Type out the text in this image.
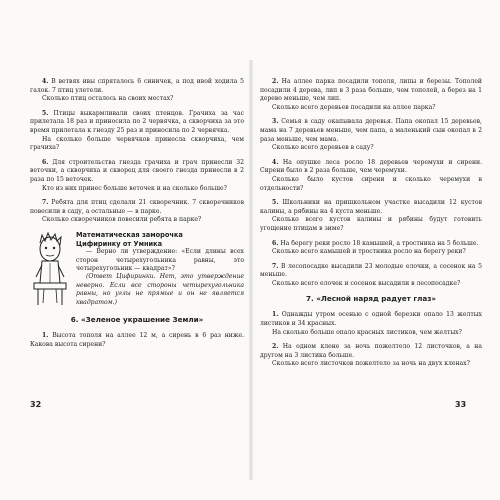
4. В ветвях ивы спряталось 6 синичек, а под ивой ходила 5 галок. 7 птиц улетели.

Сколько птиц осталось на своих местах?

5. Птицы выкармливали своих птенцов. Грачиха за час прилетала 18 раз и приносила по 2 червячка, а скворчиха за это время прилетала к гнезду 25 раз и приносила по 2 червячка.

На сколько больше червячков принесла скворчиха, чем грачиха?

6. Для строительства гнезда грачиха и грач принесли 32 веточки, а скворчиха и скворец для своего гнезда принесли в 2 раза по 15 веточек.

Кто из них принес больше веточек и на сколько больше?

7. Ребята для птиц сделали 21 скворечник. 7 скворечников повесили в саду, а остальные — в парке.

Сколько скворечников повесили ребята в парке?

Математическая заморочка
Цифиринку от Умника

— Верно ли утверждение: «Если длины всех сторон четырехугольника равны, это четырехугольник — квадрат»?

(Ответ Цифиринки. Нет, это утверждение неверно. Если все стороны четырехугольника равны, но углы не прямые и он не является квадратом.)

6. «Зеленое украшение Земли»

1. Высота тополя на аллее 12 м, а сирень в 6 раз ниже. Какова высота сирени?

32

2. На аллее парка посадили тополя, липы и березы. Тополей посадили 4 дерева, лип в 3 раза больше, чем тополей, а берез на 1 дерево меньше, чем лип.

Сколько всего деревьев посадили на аллее парка?

3. Семья в саду окапывала деревья. Папа окопал 15 деревьев, мама на 7 деревьев меньше, чем папа, а маленький сын окопал в 2 раза меньше, чем мама.

Сколько всего деревьев в саду?

4. На опушке леса росло 18 деревьев черемухи и сирени. Сирени было в 2 раза больше, чем черемухи.

Сколько было кустов сирени и сколько черемухи в отдельности?

5. Школьники на пришкольном участке высадили 12 кустов калины, а рябины на 4 куста меньше.

Сколько всего кустов калины и рябины будут готовить угощение птицам в зиме?

6. На берегу реки росло 18 камышей, а тростника на 5 больше.

Сколько всего камышей и тростника росло на берегу реки?

7. В лесопосадке высадили 23 молодые елочки, а сосенок на 5 меньше.

Сколько всего елочек и сосенок высадили в лесопосадке?

7. «Лесной наряд радует глаз»

1. Однажды утром осенью с одной березки опало 13 желтых листиков и 34 красных.

На сколько больше опало красных листиков, чем желтых?

2. На одном клене за ночь пожелтело 12 листочков, а на другом на 3 листика больше.

Сколько всего листочков пожелтело за ночь на двух кленах?

33
